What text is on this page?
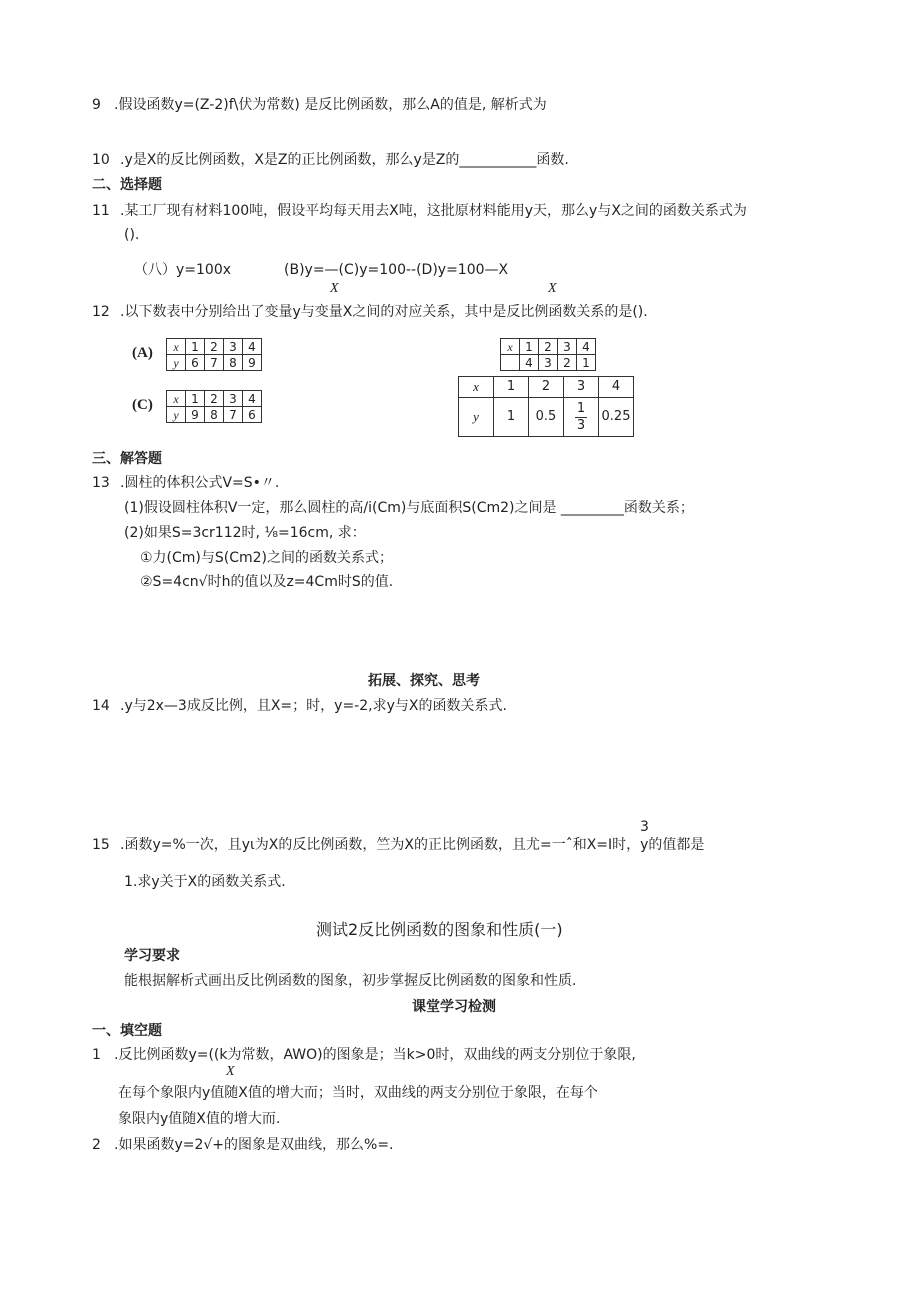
9 .假设函数y=(Z-2)f\伏为常数) 是反比例函数，那么A的值是, 解析式为
10 .y是X的反比例函数，X是Z的正比例函数，那么y是Z的___________函数.
二、选择题
11 .某工厂现有材料100吨，假设平均每天用去X吨，这批原材料能用y天，那么y与X之间的函数关系式为
().
（八）y=100x	(B)y=—(C)y=100--(D)y=100—X
X	X
12 .以下数表中分别给出了变量y与变量X之间的对应关系，其中是反比例函数关系的是().
(A) x	1	2	3	4
y	6	7	8	9
(C) x	1	2	3	4
y	9	8	7	6
x	1	2	3	4
	4	3	2	1
x	1	2	3	4
y	1	0.5	$\frac{1}{3}$	0.25
三、解答题
13 .圆柱的体积公式V=S•〃.
(1)假设圆柱体积V一定，那么圆柱的高/i(Cm)与底面积S(Cm2)之间是 _________函数关系；
(2)如果S=3cr112时, ⅛=16cm, 求：
①力(Cm)与S(Cm2)之间的函数关系式；
②S=4cn√时h的值以及z=4Cm时S的值.
拓展、探究、思考
14 .y与2x—3成反比例，且X=；时，y=-2,求y与X的函数关系式.
3
15 .函数y=%一次，且yι为X的反比例函数，竺为X的正比例函数，且尤=一ˆ和X=I时，y的值都是
1.求y关于X的函数关系式.
测试2反比例函数的图象和性质(一)
学习要求
能根据解析式画出反比例函数的图象，初步掌握反比例函数的图象和性质.
课堂学习检测
一、填空题
1 .反比例函数y=((k为常数，AWO)的图象是；当k>0时，双曲线的两支分别位于象限,
X
在每个象限内y值随X值的增大而；当时，双曲线的两支分别位于象限，在每个
象限内y值随X值的增大而.
2 .如果函数y=2√+的图象是双曲线，那么%=.
